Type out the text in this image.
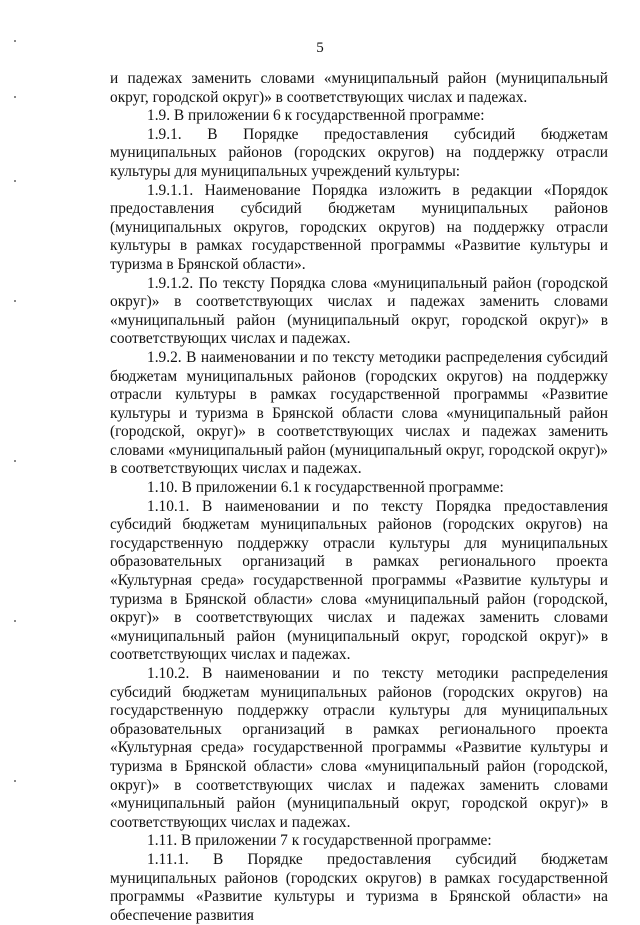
5

и падежах заменить словами «муниципальный район (муниципальный округ, городской округ)» в соответствующих числах и падежах.

1.9. В приложении 6 к государственной программе:

1.9.1. В Порядке предоставления субсидий бюджетам муниципальных районов (городских округов) на поддержку отрасли культуры для муниципальных учреждений культуры:

1.9.1.1. Наименование Порядка изложить в редакции «Порядок предоставления субсидий бюджетам муниципальных районов (муниципальных округов, городских округов) на поддержку отрасли культуры в рамках государственной программы «Развитие культуры и туризма в Брянской области».

1.9.1.2. По тексту Порядка слова «муниципальный район (городской округ)» в соответствующих числах и падежах заменить словами «муниципальный район (муниципальный округ, городской округ)» в соответствующих числах и падежах.

1.9.2. В наименовании и по тексту методики распределения субсидий бюджетам муниципальных районов (городских округов) на поддержку отрасли культуры в рамках государственной программы «Развитие культуры и туризма в Брянской области слова «муниципальный район (городской, округ)» в соответствующих числах и падежах заменить словами «муниципальный район (муниципальный округ, городской округ)» в соответствующих числах и падежах.

1.10. В приложении 6.1 к государственной программе:

1.10.1. В наименовании и по тексту Порядка предоставления субсидий бюджетам муниципальных районов (городских округов) на государственную поддержку отрасли культуры для муниципальных образовательных организаций в рамках регионального проекта «Культурная среда» государственной программы «Развитие культуры и туризма в Брянской области» слова «муниципальный район (городской, округ)» в соответствующих числах и падежах заменить словами «муниципальный район (муниципальный округ, городской округ)» в соответствующих числах и падежах.

1.10.2. В наименовании и по тексту методики распределения субсидий бюджетам муниципальных районов (городских округов) на государственную поддержку отрасли культуры для муниципальных образовательных организаций в рамках регионального проекта «Культурная среда» государственной программы «Развитие культуры и туризма в Брянской области» слова «муниципальный район (городской, округ)» в соответствующих числах и падежах заменить словами «муниципальный район (муниципальный округ, городской округ)» в соответствующих числах и падежах.

1.11. В приложении 7 к государственной программе:

1.11.1. В Порядке предоставления субсидий бюджетам муниципальных районов (городских округов) в рамках государственной программы «Развитие культуры и туризма в Брянской области» на обеспечение развития
